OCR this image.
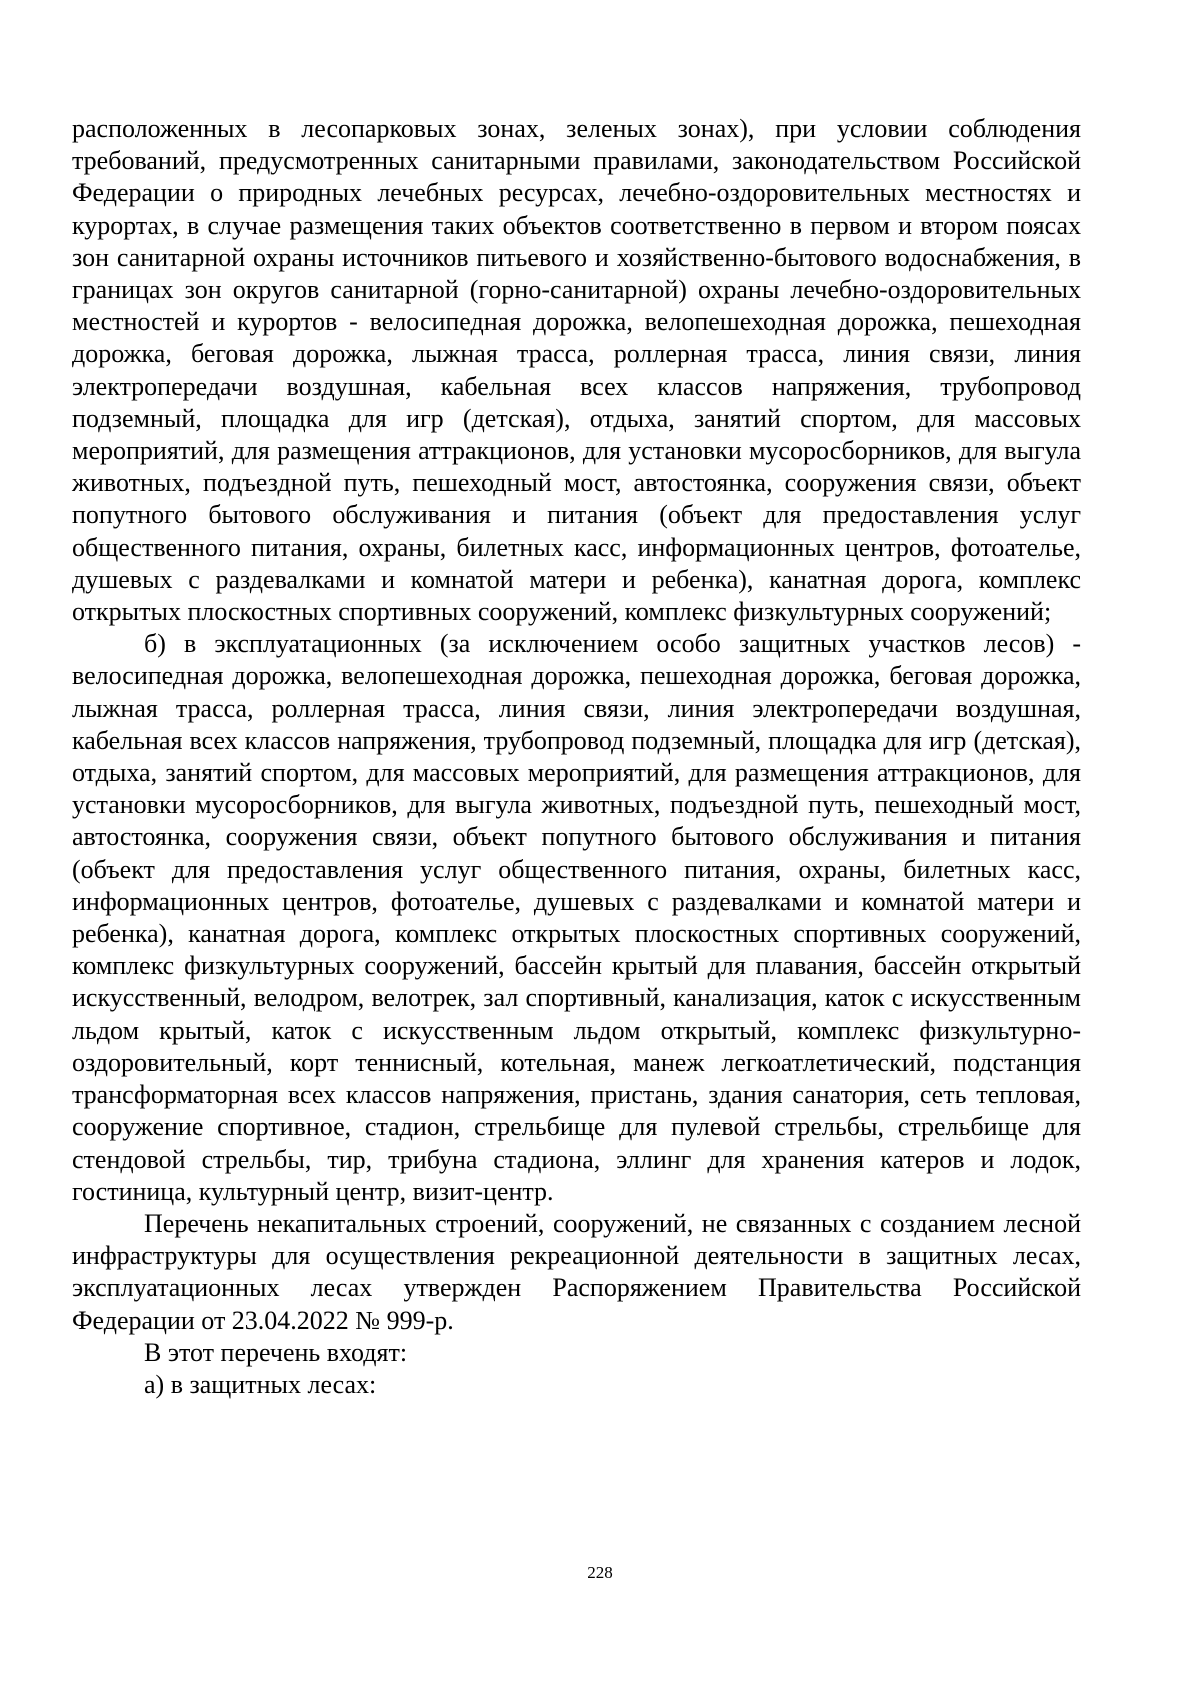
расположенных в лесопарковых зонах, зеленых зонах), при условии соблюдения требований, предусмотренных санитарными правилами, законодательством Российской Федерации о природных лечебных ресурсах, лечебно-оздоровительных местностях и курортах, в случае размещения таких объектов соответственно в первом и втором поясах зон санитарной охраны источников питьевого и хозяйственно-бытового водоснабжения, в границах зон округов санитарной (горно-санитарной) охраны лечебно-оздоровительных местностей и курортов - велосипедная дорожка, велопешеходная дорожка, пешеходная дорожка, беговая дорожка, лыжная трасса, роллерная трасса, линия связи, линия электропередачи воздушная, кабельная всех классов напряжения, трубопровод подземный, площадка для игр (детская), отдыха, занятий спортом, для массовых мероприятий, для размещения аттракционов, для установки мусоросборников, для выгула животных, подъездной путь, пешеходный мост, автостоянка, сооружения связи, объект попутного бытового обслуживания и питания (объект для предоставления услуг общественного питания, охраны, билетных касс, информационных центров, фотоателье, душевых с раздевалками и комнатой матери и ребенка), канатная дорога, комплекс открытых плоскостных спортивных сооружений, комплекс физкультурных сооружений;

б) в эксплуатационных (за исключением особо защитных участков лесов) - велосипедная дорожка, велопешеходная дорожка, пешеходная дорожка, беговая дорожка, лыжная трасса, роллерная трасса, линия связи, линия электропередачи воздушная, кабельная всех классов напряжения, трубопровод подземный, площадка для игр (детская), отдыха, занятий спортом, для массовых мероприятий, для размещения аттракционов, для установки мусоросборников, для выгула животных, подъездной путь, пешеходный мост, автостоянка, сооружения связи, объект попутного бытового обслуживания и питания (объект для предоставления услуг общественного питания, охраны, билетных касс, информационных центров, фотоателье, душевых с раздевалками и комнатой матери и ребенка), канатная дорога, комплекс открытых плоскостных спортивных сооружений, комплекс физкультурных сооружений, бассейн крытый для плавания, бассейн открытый искусственный, велодром, велотрек, зал спортивный, канализация, каток с искусственным льдом крытый, каток с искусственным льдом открытый, комплекс физкультурно-оздоровительный, корт теннисный, котельная, манеж легкоатлетический, подстанция трансформаторная всех классов напряжения, пристань, здания санатория, сеть тепловая, сооружение спортивное, стадион, стрельбище для пулевой стрельбы, стрельбище для стендовой стрельбы, тир, трибуна стадиона, эллинг для хранения катеров и лодок, гостиница, культурный центр, визит-центр.

Перечень некапитальных строений, сооружений, не связанных с созданием лесной инфраструктуры для осуществления рекреационной деятельности в защитных лесах, эксплуатационных лесах утвержден Распоряжением Правительства Российской Федерации от 23.04.2022 № 999-р.

В этот перечень входят:

а) в защитных лесах:

228
